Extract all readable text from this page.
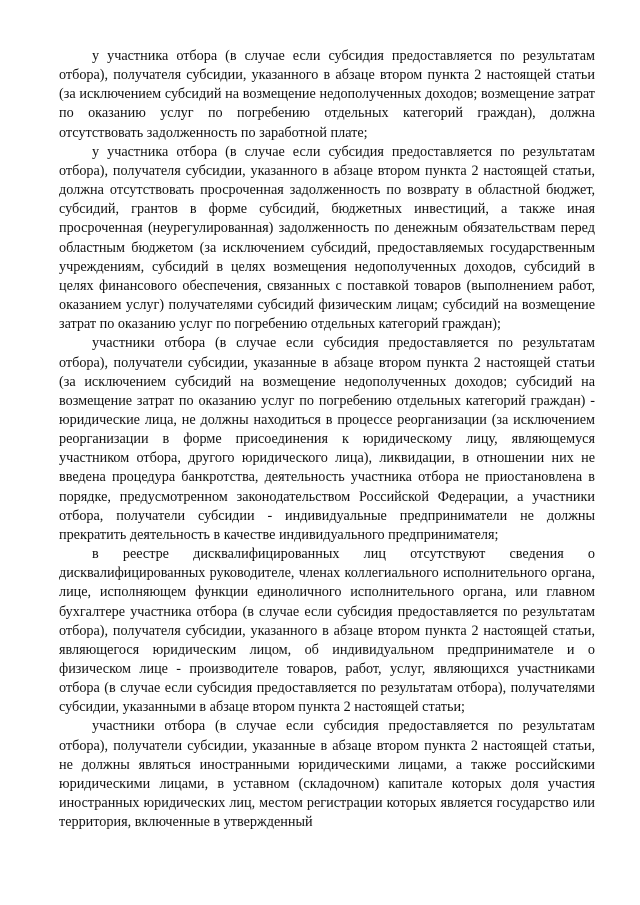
у участника отбора (в случае если субсидия предоставляется по результатам отбора), получателя субсидии, указанного в абзаце втором пункта 2 настоящей статьи (за исключением субсидий на возмещение недополученных доходов; возмещение затрат по оказанию услуг по погребению отдельных категорий граждан), должна отсутствовать задолженность по заработной плате;

у участника отбора (в случае если субсидия предоставляется по результатам отбора), получателя субсидии, указанного в абзаце втором пункта 2 настоящей статьи, должна отсутствовать просроченная задолженность по возврату в областной бюджет, субсидий, грантов в форме субсидий, бюджетных инвестиций, а также иная просроченная (неурегулированная) задолженность по денежным обязательствам перед областным бюджетом (за исключением субсидий, предоставляемых государственным учреждениям, субсидий в целях возмещения недополученных доходов, субсидий в целях финансового обеспечения, связанных с поставкой товаров (выполнением работ, оказанием услуг) получателями субсидий физическим лицам; субсидий на возмещение затрат по оказанию услуг по погребению отдельных категорий граждан);

участники отбора (в случае если субсидия предоставляется по результатам отбора), получатели субсидии, указанные в абзаце втором пункта 2 настоящей статьи (за исключением субсидий на возмещение недополученных доходов; субсидий на возмещение затрат по оказанию услуг по погребению отдельных категорий граждан) - юридические лица, не должны находиться в процессе реорганизации (за исключением реорганизации в форме присоединения к юридическому лицу, являющемуся участником отбора, другого юридического лица), ликвидации, в отношении них не введена процедура банкротства, деятельность участника отбора не приостановлена в порядке, предусмотренном законодательством Российской Федерации, а участники отбора, получатели субсидии - индивидуальные предприниматели не должны прекратить деятельность в качестве индивидуального предпринимателя;

в реестре дисквалифицированных лиц отсутствуют сведения о дисквалифицированных руководителе, членах коллегиального исполнительного органа, лице, исполняющем функции единоличного исполнительного органа, или главном бухгалтере участника отбора (в случае если субсидия предоставляется по результатам отбора), получателя субсидии, указанного в абзаце втором пункта 2 настоящей статьи, являющегося юридическим лицом, об индивидуальном предпринимателе и о физическом лице - производителе товаров, работ, услуг, являющихся участниками отбора (в случае если субсидия предоставляется по результатам отбора), получателями субсидии, указанными в абзаце втором пункта 2 настоящей статьи;

участники отбора (в случае если субсидия предоставляется по результатам отбора), получатели субсидии, указанные в абзаце втором пункта 2 настоящей статьи, не должны являться иностранными юридическими лицами, а также российскими юридическими лицами, в уставном (складочном) капитале которых доля участия иностранных юридических лиц, местом регистрации которых является государство или территория, включенные в утвержденный
